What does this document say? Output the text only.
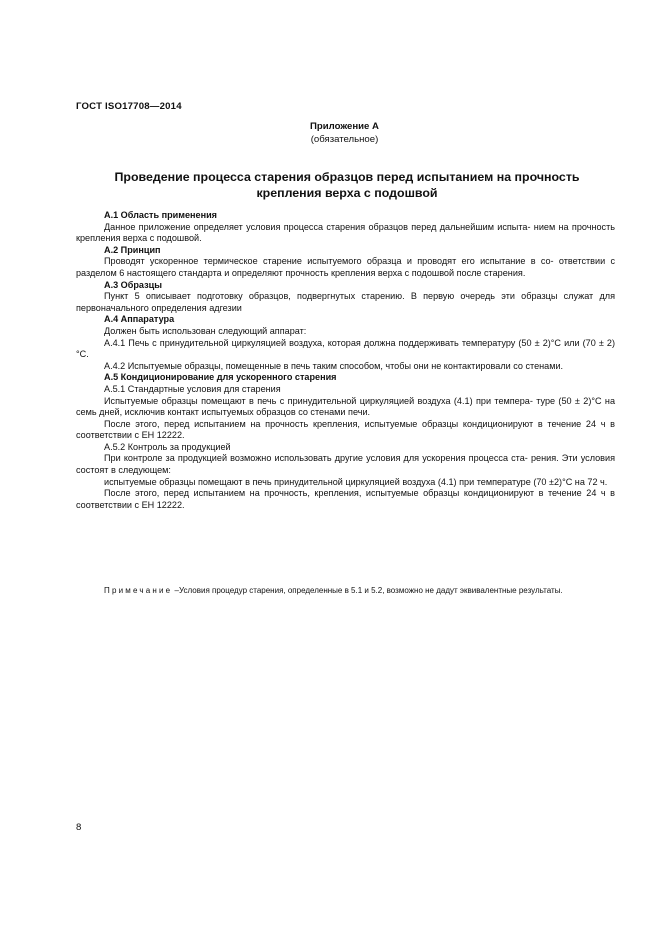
ГОСТ ISO17708—2014
Приложение А
(обязательное)
Проведение процесса старения образцов перед испытанием на прочность
крепления верха с подошвой

А.1 Область применения

Данное приложение определяет условия процесса старения образцов перед дальнейшим испыта- нием на прочность крепления верха с подошвой.

А.2 Принцип

Проводят ускоренное термическое старение испытуемого образца и проводят его испытание в со- ответствии с разделом 6 настоящего стандарта и определяют прочность крепления верха с подошвой после старения.

А.3 Образцы

Пункт 5 описывает подготовку образцов, подвергнутых старению. В первую очередь эти образцы служат для первоначального определения адгезии

А.4 Аппаратура

Должен быть использован следующий аппарат:

А.4.1 Печь с принудительной циркуляцией воздуха, которая должна поддерживать температуру (50 ± 2)°С или (70 ± 2)°С.

А.4.2 Испытуемые образцы, помещенные в печь таким способом, чтобы они не контактировали со стенами.

А.5 Кондиционирование для ускоренного старения

А.5.1 Стандартные условия для старения

Испытуемые образцы помещают в печь с принудительной циркуляцией воздуха (4.1) при темпера- туре (50 ± 2)°С на семь дней, исключив контакт испытуемых образцов со стенами печи.

После этого, перед испытанием на прочность крепления, испытуемые образцы кондиционируют в течение 24 ч в соответствии с ЕН 12222.

А.5.2 Контроль за продукцией

При контроле за продукцией возможно использовать другие условия для ускорения процесса ста- рения. Эти условия состоят в следующем:

испытуемые образцы помещают в печь принудительной циркуляцией воздуха (4.1) при температуре (70 ±2)°С на 72 ч.

После этого, перед испытанием на прочность, крепления, испытуемые образцы кондиционируют в течение 24 ч в соответствии с ЕН 12222.

Примечание –Условия процедур старения, определенные в 5.1 и 5.2, возможно не дадут эквивалентные результаты.
8
